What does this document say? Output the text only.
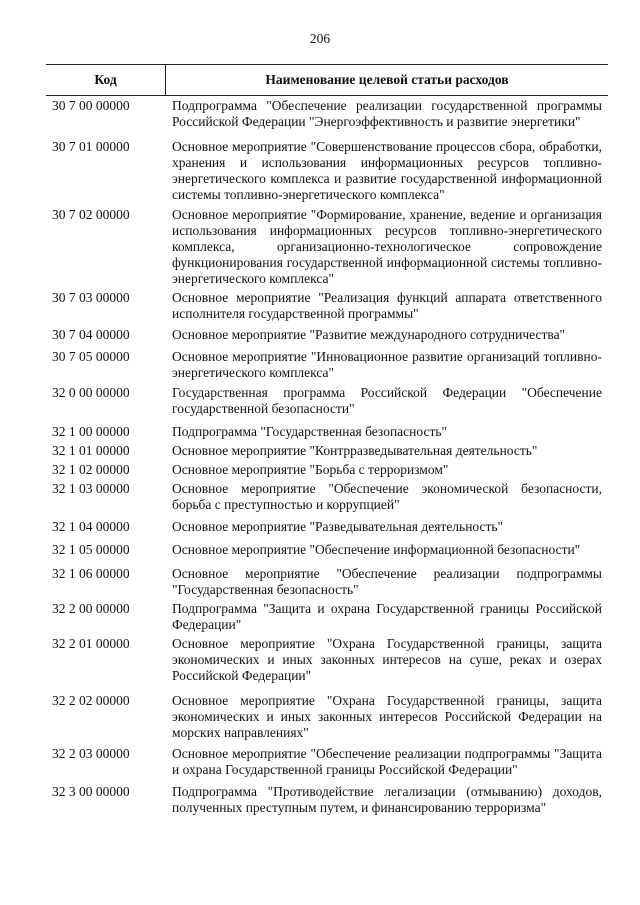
206
Код	Наименование целевой статьи расходов
30 7 00 00000	Подпрограмма "Обеспечение реализации государственной программы Российской Федерации "Энергоэффективность и развитие энергетики"
30 7 01 00000	Основное мероприятие "Совершенствование процессов сбора, обработки, хранения и использования информационных ресурсов топливно-энергетического комплекса и развитие государственной информационной системы топливно-энергетического комплекса"
30 7 02 00000	Основное мероприятие "Формирование, хранение, ведение и организация использования информационных ресурсов топливно-энергетического комплекса, организационно-технологическое сопровождение функционирования государственной информационной системы топливно-энергетического комплекса"
30 7 03 00000	Основное мероприятие "Реализация функций аппарата ответственного исполнителя государственной программы"
30 7 04 00000	Основное мероприятие "Развитие международного сотрудничества"
30 7 05 00000	Основное мероприятие "Инновационное развитие организаций топливно-энергетического комплекса"
32 0 00 00000	Государственная программа Российской Федерации "Обеспечение государственной безопасности"
32 1 00 00000	Подпрограмма "Государственная безопасность"
32 1 01 00000	Основное мероприятие "Контрразведывательная деятельность"
32 1 02 00000	Основное мероприятие "Борьба с терроризмом"
32 1 03 00000	Основное мероприятие "Обеспечение экономической безопасности, борьба с преступностью и коррупцией"
32 1 04 00000	Основное мероприятие "Разведывательная деятельность"
32 1 05 00000	Основное мероприятие "Обеспечение информационной безопасности"
32 1 06 00000	Основное мероприятие "Обеспечение реализации подпрограммы "Государственная безопасность"
32 2 00 00000	Подпрограмма "Защита и охрана Государственной границы Российской Федерации"
32 2 01 00000	Основное мероприятие "Охрана Государственной границы, защита экономических и иных законных интересов на суше, реках и озерах Российской Федерации"
32 2 02 00000	Основное мероприятие "Охрана Государственной границы, защита экономических и иных законных интересов Российской Федерации на морских направлениях"
32 2 03 00000	Основное мероприятие "Обеспечение реализации подпрограммы "Защита и охрана Государственной границы Российской Федерации"
32 3 00 00000	Подпрограмма "Противодействие легализации (отмыванию) доходов, полученных преступным путем, и финансированию терроризма"
